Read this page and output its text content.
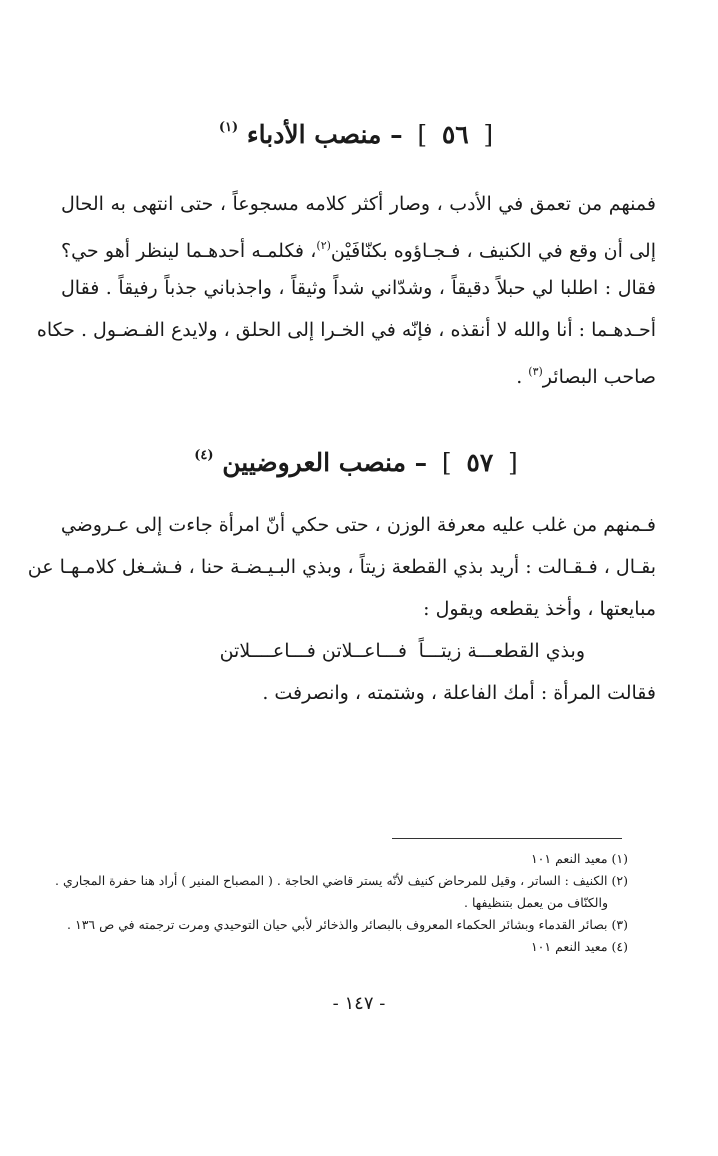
[ ٥٦ ] – منصب الأدباء $^{(١)}$
فمنهم من تعمق في الأدب ، وصار أكثر كلامه مسجوعاً ، حتى انتهى به الحال
إلى أن وقع في الكنيف ، فـجـاؤوه بكنّافَيْن$^{(٢)}$، فكلمـه أحدهـما لينظر أهو حي؟
فقال : اطلبا لي حبلاً دقيقاً ، وشدّاني شداً وثيقاً ، واجذباني جذباً رفيقاً . فقال
أحـدهـما : أنا والله لا أنقذه ، فإنّه في الخـرا إلى الحلق ، ولايدع الفـضـول . حكاه
صاحب البصائر$^{(٣)}$ .
[ ٥٧ ] – منصب العروضيين $^{(٤)}$
فـمنهم من غلب عليه معرفة الوزن ، حتى حكي أنّ امرأة جاءت إلى عـروضي
بقـال ، فـقـالت : أريد بذي القطعة زيتاً ، وبذي البـيـضـة حنا ، فـشـغل كلامـهـا عن
مبايعتها ، وأخذ يقطعه ويقول :
وبذي القطعـــة زيتـــاً
فـــاعــلاتن فـــاعــــلاتن
فقالت المرأة : أمك الفاعلة ، وشتمته ، وانصرفت .
(١) معيد النعم ١٠١
(٢) الكنيف : الساتر ، وقيل للمرحاض كنيف لأنّه يستر قاضي الحاجة . ( المصباح المنير ) أراد هنا حفرة المجاري .
والكنّاف من يعمل بتنظيفها .
(٣) بصائر القدماء وبشائر الحكماء المعروف بالبصائر والذخائر لأبي حيان التوحيدي ومرت ترجمته في ص ١٣٦ .
(٤) معيد النعم ١٠١
- ١٤٧ -
